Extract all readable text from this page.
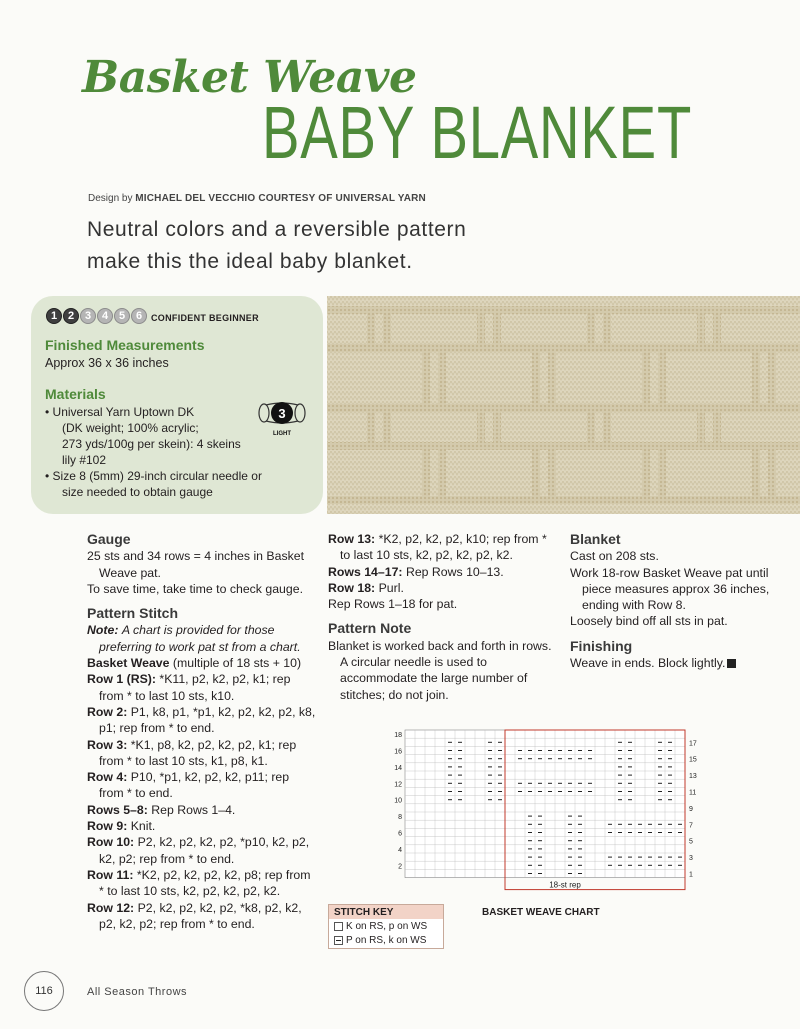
Basket Weave
BABY BLANKET
Design by MICHAEL DEL VECCHIO COURTESY OF UNIVERSAL YARN
Neutral colors and a reversible pattern
make this the ideal baby blanket.
1 2 3 4 5 6 CONFIDENT BEGINNER
Finished Measurements
Approx 36 x 36 inches
Materials
• Universal Yarn Uptown DK
(DK weight; 100% acrylic;
273 yds/100g per skein): 4 skeins
lily #102
• Size 8 (5mm) 29-inch circular needle or
size needed to obtain gauge
3
LIGHT
Gauge
25 sts and 34 rows = 4 inches in Basket Weave pat.
To save time, take time to check gauge.
Pattern Stitch
Note: A chart is provided for those preferring to work pat st from a chart.
Basket Weave (multiple of 18 sts + 10)
Row 1 (RS): *K11, p2, k2, p2, k1; rep from * to last 10 sts, k10.
Row 2: P1, k8, p1, *p1, k2, p2, k2, p2, k8, p1; rep from * to end.
Row 3: *K1, p8, k2, p2, k2, p2, k1; rep from * to last 10 sts, k1, p8, k1.
Row 4: P10, *p1, k2, p2, k2, p11; rep from * to end.
Rows 5–8: Rep Rows 1–4.
Row 9: Knit.
Row 10: P2, k2, p2, k2, p2, *p10, k2, p2, k2, p2; rep from * to end.
Row 11: *K2, p2, k2, p2, k2, p8; rep from * to last 10 sts, k2, p2, k2, p2, k2.
Row 12: P2, k2, p2, k2, p2, *k8, p2, k2, p2, k2, p2; rep from * to end.
Row 13: *K2, p2, k2, p2, k10; rep from * to last 10 sts, k2, p2, k2, p2, k2.
Rows 14–17: Rep Rows 10–13.
Row 18: Purl.
Rep Rows 1–18 for pat.
Pattern Note
Blanket is worked back and forth in rows. A circular needle is used to accommodate the large number of stitches; do not join.
Blanket
Cast on 208 sts.
Work 18-row Basket Weave pat until piece measures approx 36 inches, ending with Row 8.
Loosely bind off all sts in pat.
Finishing
Weave in ends. Block lightly.
18
16
14
12
10
8
6
4
2
17
15
13
11
9
7
5
3
1
18-st rep
BASKET WEAVE CHART
STITCH KEY
K on RS, p on WS
P on RS, k on WS
116	All Season Throws
